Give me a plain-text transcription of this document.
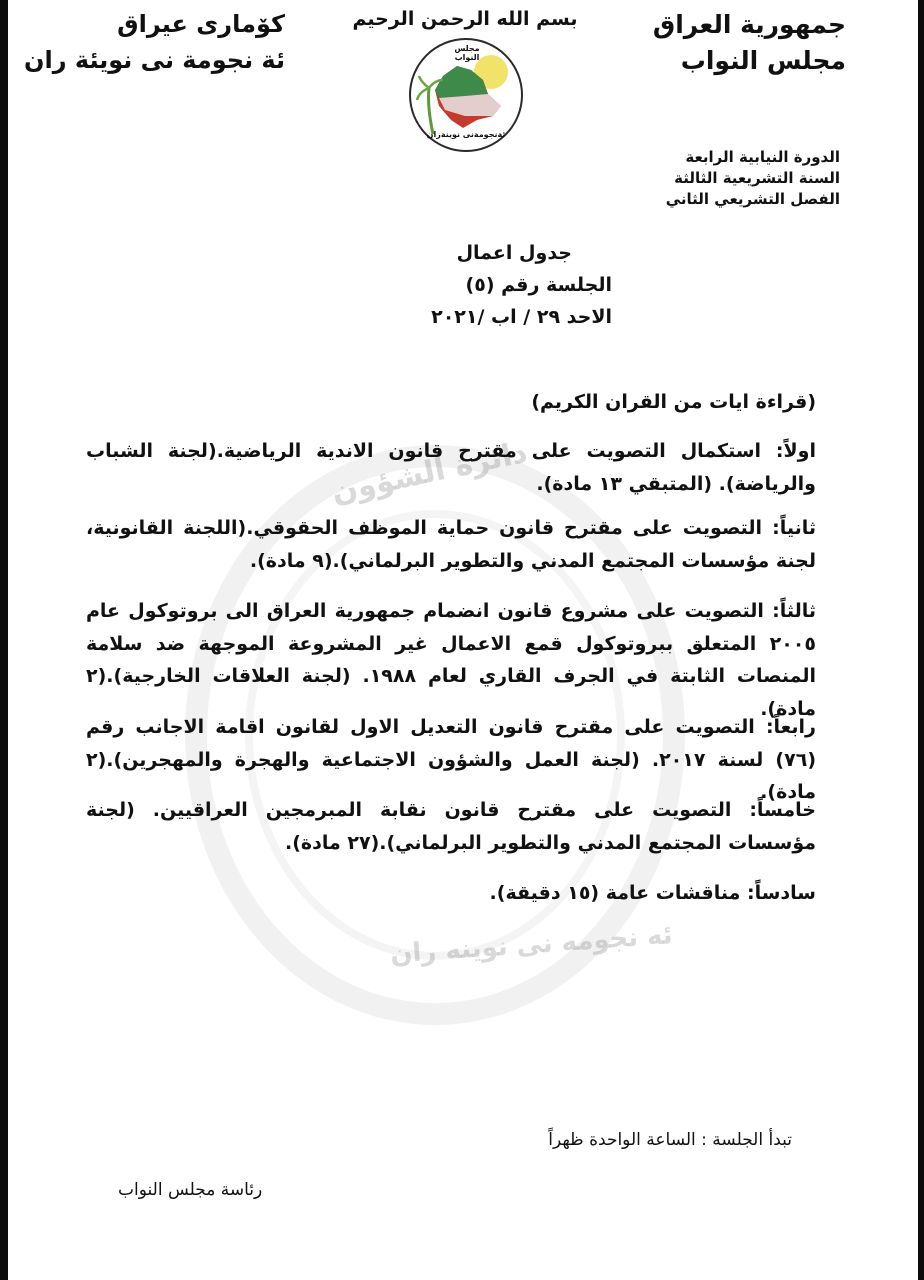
دائرة الشؤون
ئه نجومه نى نوينه ران
جمهورية العراق
مجلس النواب
كۆمارى عيراق
ئة نجومة نى نويئة ران
بسم الله الرحمن الرحيم
مجلس النواب
ئةنجومةنى نوينةران
الدورة النيابية الرابعة
السنة التشريعية الثالثة
الفصل التشريعي الثاني
جدول اعمال
الجلسة رقم (٥)
الاحد ٢٩ / اب /٢٠٢١
(قراءة ايات من القران الكريم)
اولاً: استكمال التصويت على مقترح قانون الاندية الرياضية.(لجنة الشباب والرياضة). (المتبقي ١٣ مادة).
ثانياً: التصويت على مقترح قانون حماية الموظف الحقوقي.(اللجنة القانونية، لجنة مؤسسات المجتمع المدني والتطوير البرلماني).(٩ مادة).
ثالثاً: التصويت على مشروع قانون انضمام جمهورية العراق الى بروتوكول عام ٢٠٠٥ المتعلق ببروتوكول قمع الاعمال غير المشروعة الموجهة ضد سلامة المنصات الثابتة في الجرف القاري لعام ١٩٨٨. (لجنة العلاقات الخارجية).(٢ مادة).
رابعاً: التصويت على مقترح قانون التعديل الاول لقانون اقامة الاجانب رقم (٧٦) لسنة ٢٠١٧. (لجنة العمل والشؤون الاجتماعية والهجرة والمهجرين).(٢ مادة).
خامساً: التصويت على مقترح قانون نقابة المبرمجين العراقيين. (لجنة مؤسسات المجتمع المدني والتطوير البرلماني).(٢٧ مادة).
سادساً: مناقشات عامة (١٥ دقيقة).
تبدأ الجلسة : الساعة الواحدة ظهراً
رئاسة مجلس النواب
